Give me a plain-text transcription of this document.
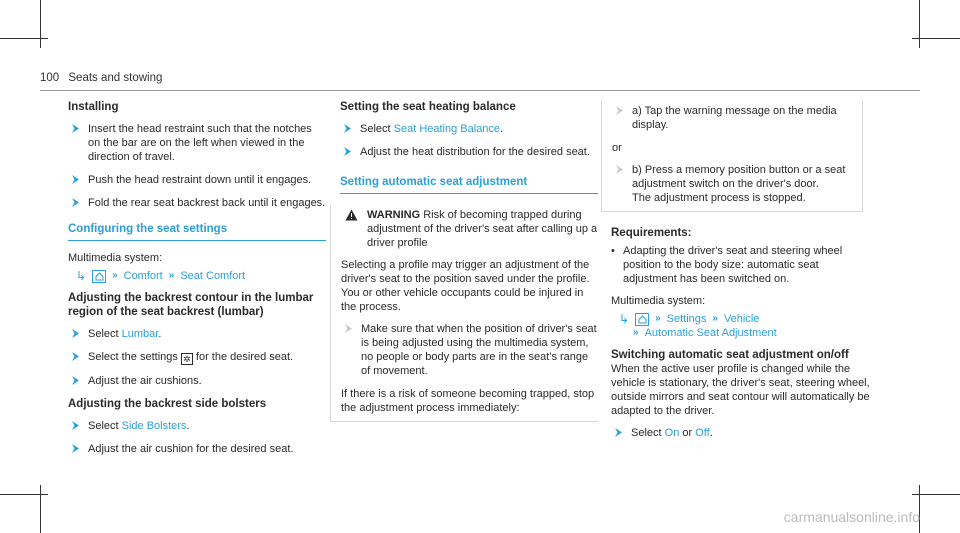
100 Seats and stowing
Installing
Insert the head restraint such that the notches on the bar are on the left when viewed in the direction of travel.
Push the head restraint down until it engages.
Fold the rear seat backrest back until it engages.
Configuring the seat settings
Multimedia system:
↳	» Comfort » Seat Comfort
Adjusting the backrest contour in the lumbar region of the seat backrest (lumbar)
Select Lumbar.
Select the settings ✲ for the desired seat.
Adjust the air cushions.
Adjusting the backrest side bolsters
Select Side Bolsters.
Adjust the air cushion for the desired seat.
Setting the seat heating balance
Select Seat Heating Balance.
Adjust the heat distribution for the desired seat.
Setting automatic seat adjustment
WARNING Risk of becoming trapped during adjustment of the driver's seat after calling up a driver profile
Selecting a profile may trigger an adjustment of the driver's seat to the position saved under the profile. You or other vehicle occupants could be injured in the process.
Make sure that when the position of driver's seat is being adjusted using the multimedia system, no people or body parts are in the seat's range of movement.
If there is a risk of someone becoming trapped, stop the adjustment process immediately:
a) Tap the warning message on the media display.
or
b) Press a memory position button or a seat adjustment switch on the driver's door.
The adjustment process is stopped.
Requirements:
• Adapting the driver's seat and steering wheel position to the body size: automatic seat adjustment has been switched on.
Multimedia system:
↳	» Settings » Vehicle
» Automatic Seat Adjustment
Switching automatic seat adjustment on/off
When the active user profile is changed while the vehicle is stationary, the driver's seat, steering wheel, outside mirrors and seat contour will automatically be adapted to the driver.
Select On or Off.
carmanualsonline.info
